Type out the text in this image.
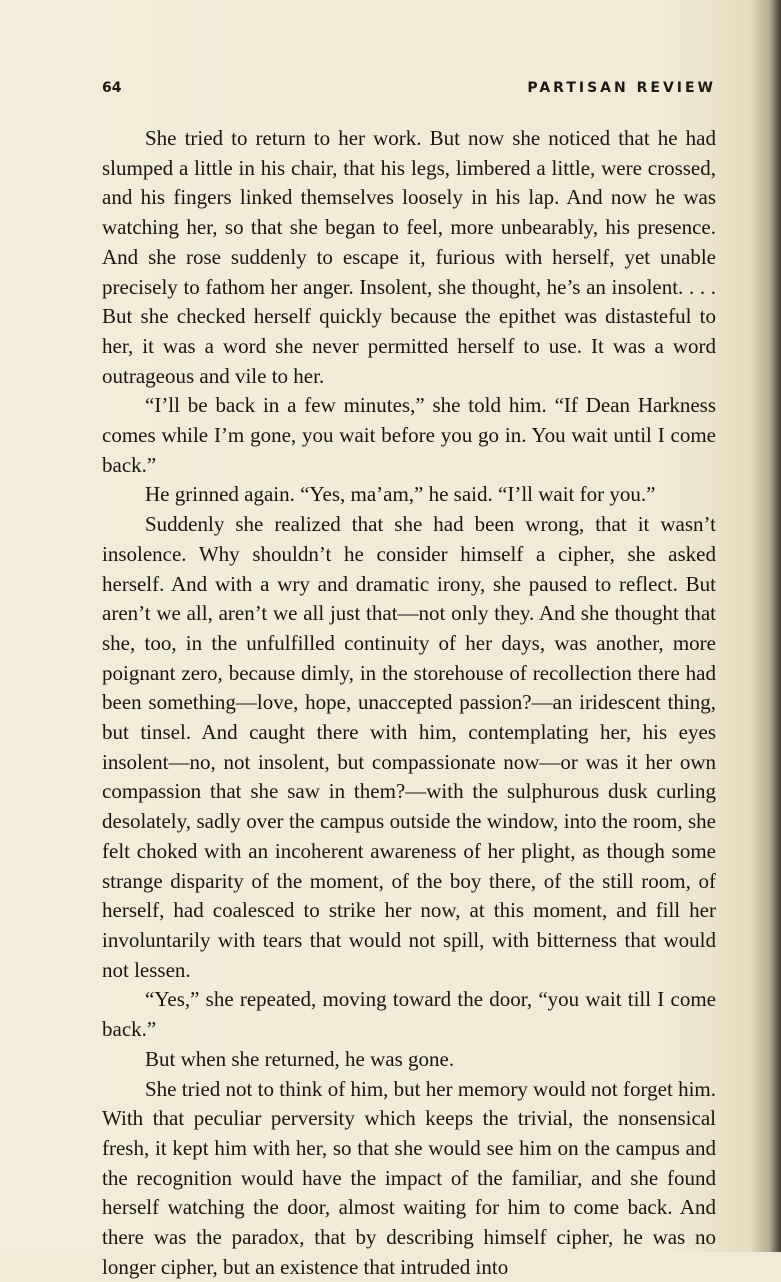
64	PARTISAN REVIEW

She tried to return to her work. But now she noticed that he had slumped a little in his chair, that his legs, limbered a little, were crossed, and his fingers linked themselves loosely in his lap. And now he was watching her, so that she began to feel, more unbearably, his presence. And she rose suddenly to escape it, furious with herself, yet unable precisely to fathom her anger. Insolent, she thought, he’s an insolent. . . . But she checked herself quickly because the epithet was distasteful to her, it was a word she never permitted herself to use. It was a word outrageous and vile to her.

“I’ll be back in a few minutes,” she told him. “If Dean Harkness comes while I’m gone, you wait before you go in. You wait until I come back.”

He grinned again. “Yes, ma’am,” he said. “I’ll wait for you.”

Suddenly she realized that she had been wrong, that it wasn’t insolence. Why shouldn’t he consider himself a cipher, she asked herself. And with a wry and dramatic irony, she paused to reflect. But aren’t we all, aren’t we all just that—not only they. And she thought that she, too, in the unfulfilled continuity of her days, was another, more poignant zero, because dimly, in the storehouse of recollection there had been something—love, hope, unaccepted passion?—an iridescent thing, but tinsel. And caught there with him, contemplating her, his eyes insolent—no, not insolent, but compassionate now—or was it her own compassion that she saw in them?—with the sulphurous dusk curling desolately, sadly over the campus outside the window, into the room, she felt choked with an incoherent awareness of her plight, as though some strange disparity of the moment, of the boy there, of the still room, of herself, had coalesced to strike her now, at this moment, and fill her involuntarily with tears that would not spill, with bitterness that would not lessen.

“Yes,” she repeated, moving toward the door, “you wait till I come back.”

But when she returned, he was gone.

She tried not to think of him, but her memory would not forget him. With that peculiar perversity which keeps the trivial, the nonsensical fresh, it kept him with her, so that she would see him on the campus and the recognition would have the impact of the familiar, and she found herself watching the door, almost waiting for him to come back. And there was the paradox, that by describing himself cipher, he was no longer cipher, but an existence that intruded into
